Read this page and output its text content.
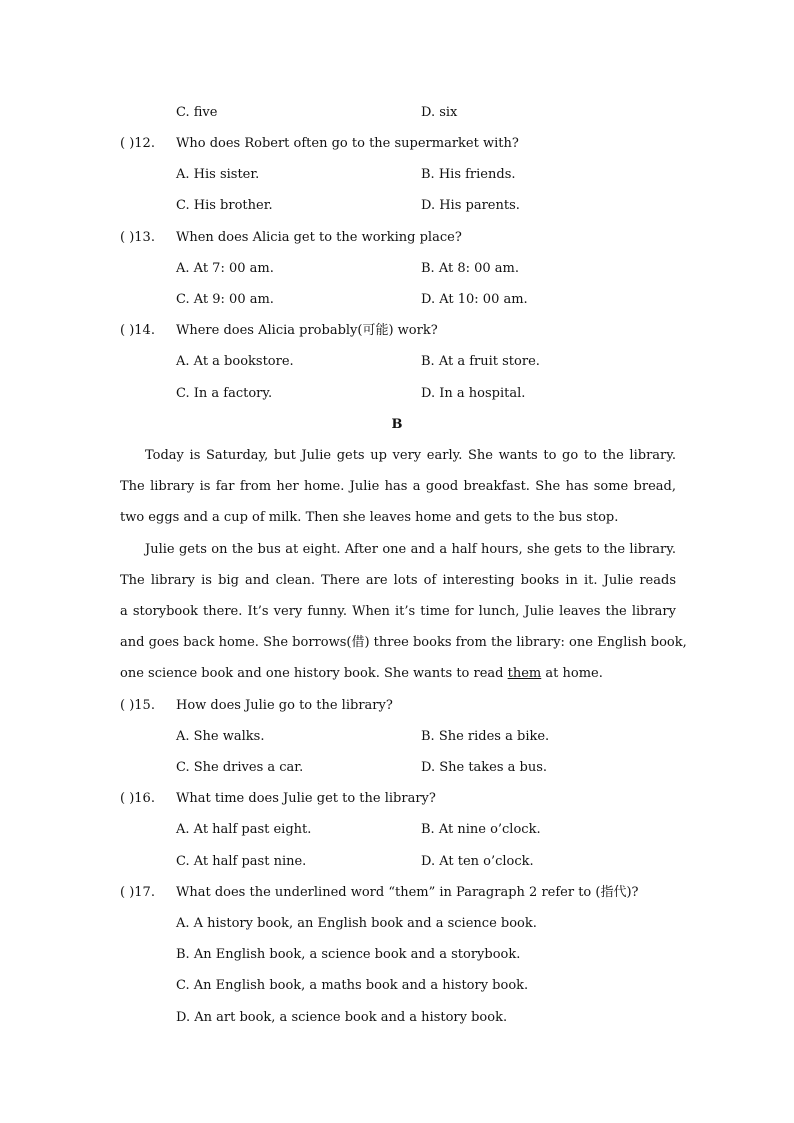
C. five	D. six
( )12. Who does Robert often go to the supermarket with?
A. His sister.	B. His friends.
C. His brother.	D. His parents.
( )13. When does Alicia get to the working place?
A. At 7: 00 am.	B. At 8: 00 am.
C. At 9: 00 am.	D. At 10: 00 am.
( )14. Where does Alicia probably(可能) work?
A. At a bookstore.	B. At a fruit store.
C. In a factory.	D. In a hospital.
B
Today is Saturday, but Julie gets up very early. She wants to go to the library.
The library is far from her home. Julie has a good breakfast. She has some bread,
two eggs and a cup of milk. Then she leaves home and gets to the bus stop.
Julie gets on the bus at eight. After one and a half hours, she gets to the library.
The library is big and clean. There are lots of interesting books in it. Julie reads
a storybook there. It’s very funny. When it’s time for lunch, Julie leaves the library
and goes back home. She borrows(借) three books from the library: one English book,
one science book and one history book. She wants to read them at home.
( )15. How does Julie go to the library?
A. She walks.	B. She rides a bike.
C. She drives a car.	D. She takes a bus.
( )16. What time does Julie get to the library?
A. At half past eight.	B. At nine o’clock.
C. At half past nine.	D. At ten o’clock.
( )17. What does the underlined word “them” in Paragraph 2 refer to (指代)?
A. A history book, an English book and a science book.
B. An English book, a science book and a storybook.
C. An English book, a maths book and a history book.
D. An art book, a science book and a history book.
